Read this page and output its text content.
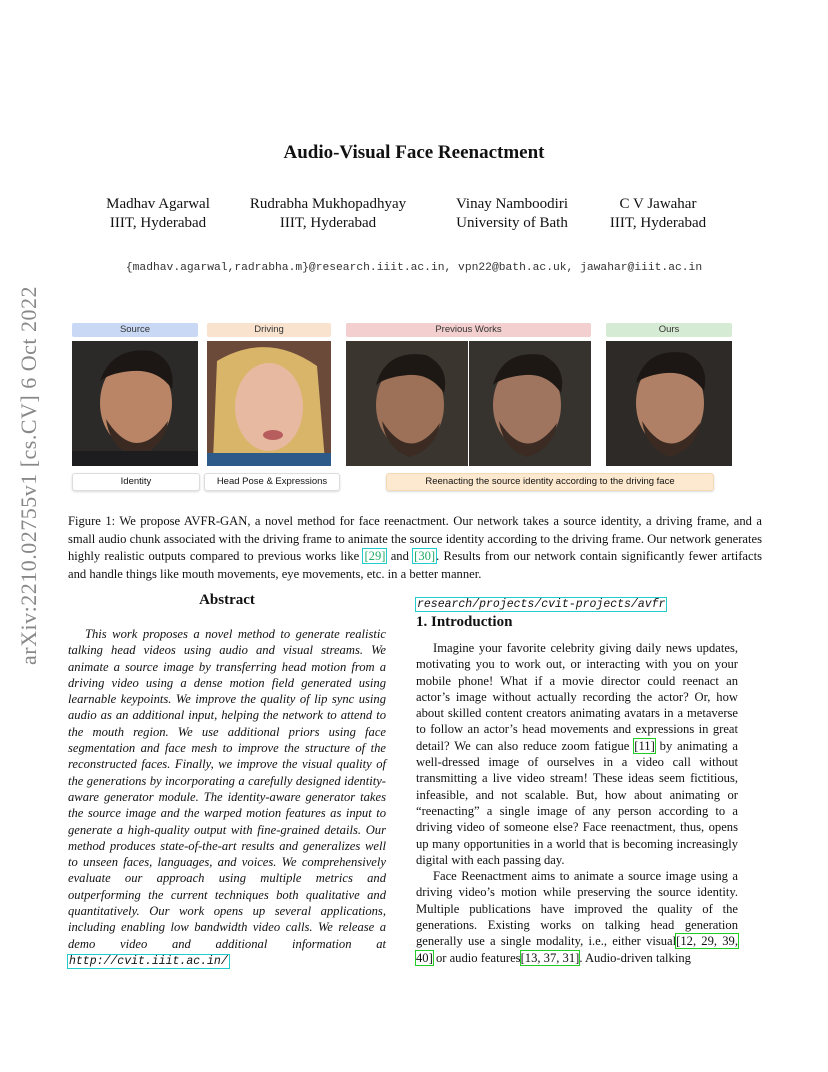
arXiv:2210.02755v1 [cs.CV] 6 Oct 2022
Audio-Visual Face Reenactment
Madhav Agarwal
IIIT, Hyderabad
Rudrabha Mukhopadhyay
IIIT, Hyderabad
Vinay Namboodiri
University of Bath
C V Jawahar
IIIT, Hyderabad
{madhav.agarwal,radrabha.m}@research.iiit.ac.in, vpn22@bath.ac.uk, jawahar@iiit.ac.in
Source	Driving	Previous Works	Ours
Identity	Head Pose & Expressions	Reenacting the source identity according to the driving face
Figure 1: We propose AVFR-GAN, a novel method for face reenactment. Our network takes a source identity, a driving frame, and a small audio chunk associated with the driving frame to animate the source identity according to the driving frame. Our network generates highly realistic outputs compared to previous works like [29] and [30]. Results from our network contain significantly fewer artifacts and handle things like mouth movements, eye movements, etc. in a better manner.
Abstract
This work proposes a novel method to generate realistic talking head videos using audio and visual streams. We animate a source image by transferring head motion from a driving video using a dense motion field generated using learnable keypoints. We improve the quality of lip sync using audio as an additional input, helping the network to attend to the mouth region. We use additional priors using face segmentation and face mesh to improve the structure of the reconstructed faces. Finally, we improve the visual quality of the generations by incorporating a carefully designed identity-aware generator module. The identity-aware generator takes the source image and the warped motion features as input to generate a high-quality output with fine-grained details. Our method produces state-of-the-art results and generalizes well to unseen faces, languages, and voices. We comprehensively evaluate our approach using multiple metrics and outperforming the current techniques both qualitative and quantitatively. Our work opens up several applications, including enabling low bandwidth video calls. We release a demo video and additional information at http://cvit.iiit.ac.in/
research/projects/cvit-projects/avfr
1. Introduction

Imagine your favorite celebrity giving daily news updates, motivating you to work out, or interacting with you on your mobile phone! What if a movie director could reenact an actor’s image without actually recording the actor? Or, how about skilled content creators animating avatars in a metaverse to follow an actor’s head movements and expressions in great detail? We can also reduce zoom fatigue [11] by animating a well-dressed image of ourselves in a video call without transmitting a live video stream! These ideas seem fictitious, infeasible, and not scalable. But, how about animating or “reenacting” a single image of any person according to a driving video of someone else? Face reenactment, thus, opens up many opportunities in a world that is becoming increasingly digital with each passing day.

Face Reenactment aims to animate a source image using a driving video’s motion while preserving the source identity. Multiple publications have improved the quality of the generations. Existing works on talking head generation generally use a single modality, i.e., either visual[12, 29, 39, 40] or audio features[13, 37, 31]. Audio-driven talking
